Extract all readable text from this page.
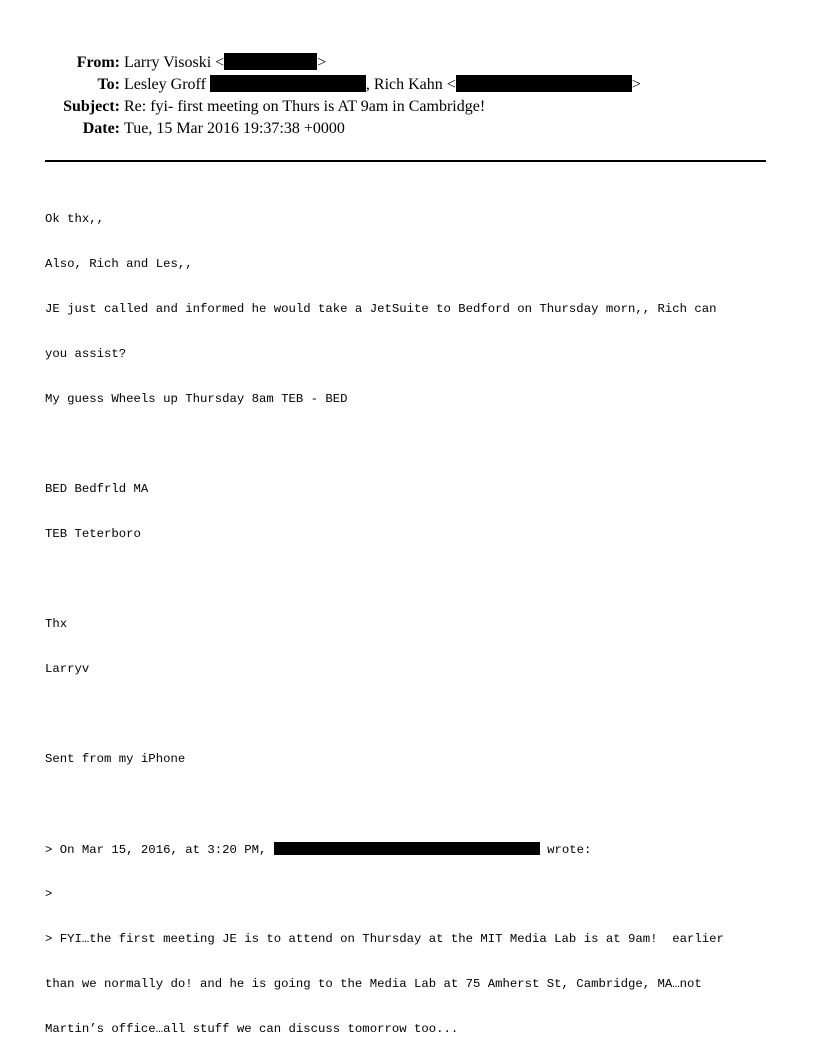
From: Larry Visoski <	>
To: Lesley Groff	, Rich Kahn <	>
Subject: Re: fyi- first meeting on Thurs is AT 9am in Cambridge!
Date: Tue, 15 Mar 2016 19:37:38 +0000

Ok thx,,

Also, Rich and Les,,

JE just called and informed he would take a JetSuite to Bedford on Thursday morn,, Rich can

you assist?

My guess Wheels up Thursday 8am TEB - BED

BED Bedfrld MA

TEB Teterboro

Thx

Larryv

Sent from my iPhone

> On Mar 15, 2016, at 3:20 PM,	wrote:

>

> FYI…the first meeting JE is to attend on Thursday at the MIT Media Lab is at 9am!  earlier

than we normally do! and he is going to the Media Lab at 75 Amherst St, Cambridge, MA…not

Martin’s office…all stuff we can discuss tomorrow too...
